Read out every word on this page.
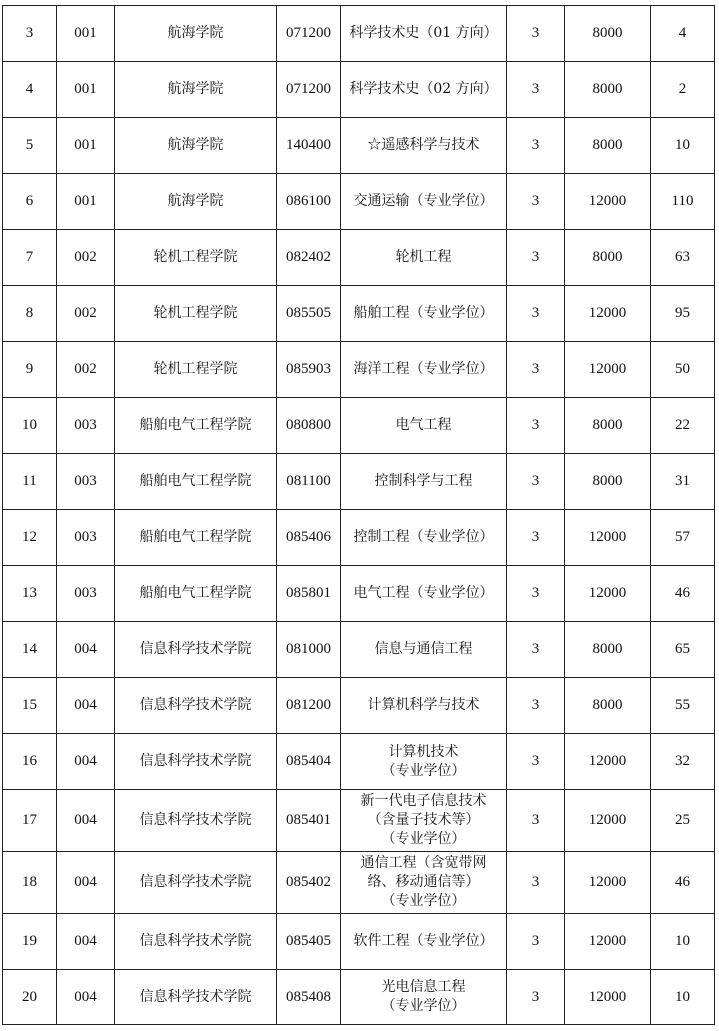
3	001	航海学院	071200	科学技术史（01 方向）	3	8000	4
4	001	航海学院	071200	科学技术史（02 方向）	3	8000	2
5	001	航海学院	140400	☆遥感科学与技术	3	8000	10
6	001	航海学院	086100	交通运输（专业学位）	3	12000	110
7	002	轮机工程学院	082402	轮机工程	3	8000	63
8	002	轮机工程学院	085505	船舶工程（专业学位）	3	12000	95
9	002	轮机工程学院	085903	海洋工程（专业学位）	3	12000	50
10	003	船舶电气工程学院	080800	电气工程	3	8000	22
11	003	船舶电气工程学院	081100	控制科学与工程	3	8000	31
12	003	船舶电气工程学院	085406	控制工程（专业学位）	3	12000	57
13	003	船舶电气工程学院	085801	电气工程（专业学位）	3	12000	46
14	004	信息科学技术学院	081000	信息与通信工程	3	8000	65
15	004	信息科学技术学院	081200	计算机科学与技术	3	8000	55
16	004	信息科学技术学院	085404	计算机技术
（专业学位）	3	12000	32
17	004	信息科学技术学院	085401	新一代电子信息技术
（含量子技术等）
（专业学位）	3	12000	25
18	004	信息科学技术学院	085402	通信工程（含宽带网
络、移动通信等）
（专业学位）	3	12000	46
19	004	信息科学技术学院	085405	软件工程（专业学位）	3	12000	10
20	004	信息科学技术学院	085408	光电信息工程
（专业学位）	3	12000	10
